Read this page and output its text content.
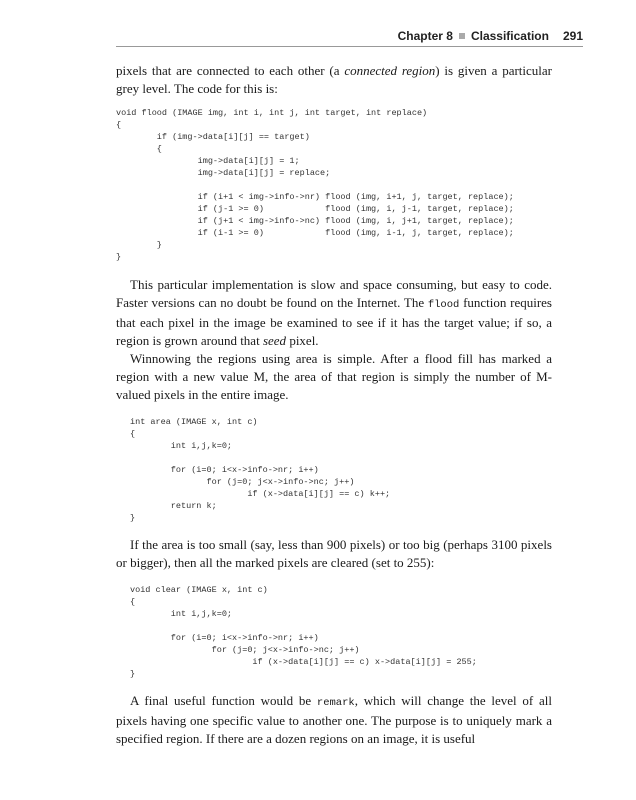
Chapter 8 Classification 291

pixels that are connected to each other (a connected region) is given a particular grey level. The code for this is:

void flood (IMAGE img, int i, int j, int target, int replace)
{
if (img->data[i][j] == target)
{
img->data[i][j] = 1;
img->data[i][j] = replace;
if (i+1 < img->info->nr) flood (img, i+1, j, target, replace);
if (j-1 >= 0)            flood (img, i, j-1, target, replace);
if (j+1 < img->info->nc) flood (img, i, j+1, target, replace);
if (i-1 >= 0)            flood (img, i-1, j, target, replace);
}
}

This particular implementation is slow and space consuming, but easy to code. Faster versions can no doubt be found on the Internet. The flood function requires that each pixel in the image be examined to see if it has the target value; if so, a region is grown around that seed pixel.

Winnowing the regions using area is simple. After a flood fill has marked a region with a new value M, the area of that region is simply the number of M-valued pixels in the entire image.

int area (IMAGE x, int c)
{
int i,j,k=0;
for (i=0; i<x->info->nr; i++)
for (j=0; j<x->info->nc; j++)
if (x->data[i][j] == c) k++;
return k;
}

If the area is too small (say, less than 900 pixels) or too big (perhaps 3100 pixels or bigger), then all the marked pixels are cleared (set to 255):

void clear (IMAGE x, int c)
{
int i,j,k=0;
for (i=0; i<x->info->nr; i++)
for (j=0; j<x->info->nc; j++)
if (x->data[i][j] == c) x->data[i][j] = 255;
}

A final useful function would be remark, which will change the level of all pixels having one specific value to another one. The purpose is to uniquely mark a specified region. If there are a dozen regions on an image, it is useful
